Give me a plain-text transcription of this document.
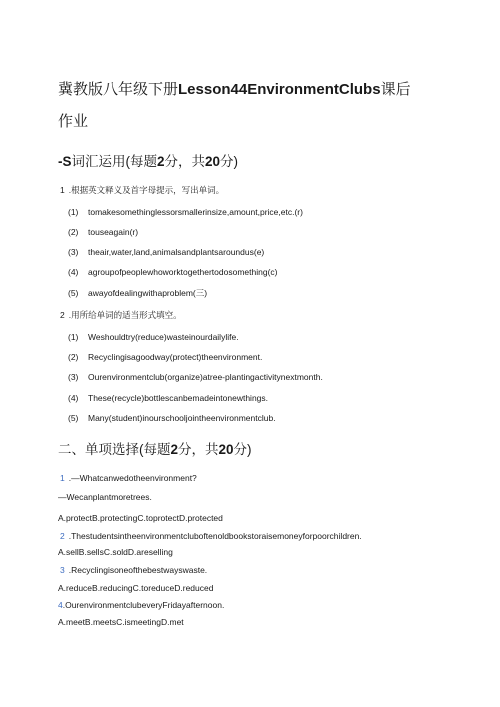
冀教版八年级下册Lesson44EnvironmentClubs课后
作业
-S词汇运用(每题2分，共20分)
1 .根据英文释义及首字母提示，写出单词。
(1) tomakesomethinglessorsmallerinsize,amount,price,etc.(r)
(2) touseagain(r)
(3) theair,water,land,animalsandplantsaroundus(e)
(4) agroupofpeoplewhoworktogethertodosomething(c)
(5) awayofdealingwithaproblem(三)
2 .用所给单词的适当形式填空。
(1) Weshouldtry(reduce)wasteinourdailylife.
(2) Recyclingisagoodway(protect)theenvironment.
(3) Ourenvironmentclub(organize)atree-plantingactivitynextmonth.
(4) These(recycle)bottlescanbemadeintonewthings.
(5) Many(student)inourschooljointheenvironmentclub.
二、单项选择(每题2分，共20分)
1 .—Whatcanwedotheenvironment?
—Wecanplantmoretrees.
A.protectB.protectingC.toprotectD.protected
2 .Thestudentsintheenvironmentcluboftenoldbookstoraisemoneyforpoorchildren.
A.sellB.sellsC.soldD.areselling
3 .Recyclingisoneofthebestwayswaste.
A.reduceB.reducingC.toreduceD.reduced
4.OurenvironmentclubeveryFridayafternoon.
A.meetB.meetsC.ismeetingD.met
